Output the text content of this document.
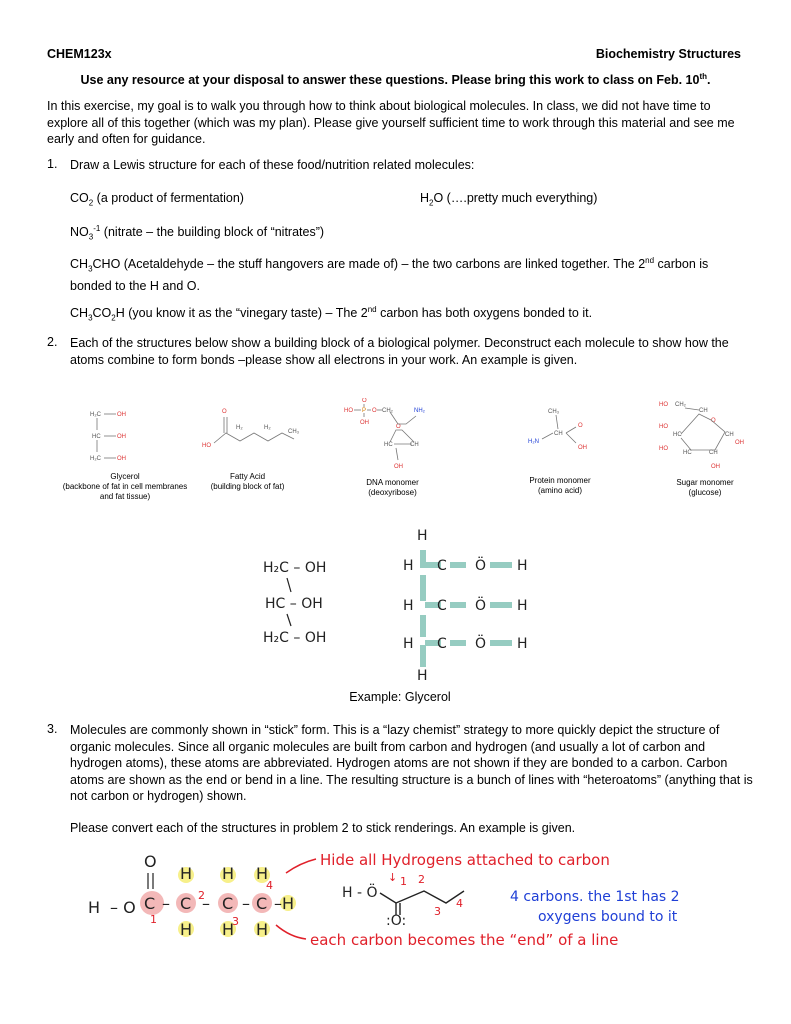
CHEM123x	Biochemistry Structures
Use any resource at your disposal to answer these questions. Please bring this work to class on Feb. 10th.

In this exercise, my goal is to walk you through how to think about biological molecules. In class, we did not have time to explore all of this together (which was my plan). Please give yourself sufficient time to work through this material and see me early and often for guidance.

1. Draw a Lewis structure for each of these food/nutrition related molecules:

$CO_2$ (a product of fermentation)	$H_2O$ (….pretty much everything)

$NO_3^{-1}$ (nitrate – the building block of “nitrates”)

$CH_3CHO$ (Acetaldehyde – the stuff hangovers are made of) – the two carbons are linked together. The 2nd carbon is bonded to the H and O.

$CH_3CO_2H$ (you know it as the “vinegary taste) – The 2nd carbon has both oxygens bonded to it.

2. Each of the structures below show a building block of a biological polymer. Deconstruct each molecule to show how the atoms combine to form bonds –please show all electrons in your work. An example is given.

H₂C	OH
HC	OH
H₂C	OH
O
HO
H₂	H₂
CH₃
HO P O CH₂
O
OH
NH₂
O
HC	CH
OH
CH₃
H₂N
CH
O
OH
HO CH₂
CH
O
HO
HC	CH
OH
HO
HC	CH
OH
Glycerol
(backbone of fat in cell membranes and fat tissue)
Fatty Acid
(building block of fat)	DNA monomer
(deoxyribose)
Protein monomer
(amino acid)
Sugar monomer
(glucose)
H₂C – OH
HC – OH
H₂C – OH
H
H C Ö H
H C Ö H
H C Ö H
H
Example: Glycerol
3. Molecules are commonly shown in “stick” form. This is a “lazy chemist” strategy to more quickly depict the structure of organic molecules. Since all organic molecules are built from carbon and hydrogen (and usually a lot of carbon and hydrogen atoms), these atoms are abbreviated. Hydrogen atoms are not shown if they are bonded to a carbon. Carbon atoms are shown as the end or bend in a line. The resulting structure is a bunch of lines with “heteroatoms” (anything that is not carbon or hydrogen) shown.

Please convert each of the structures in problem 2 to stick renderings. An example is given.

O
H – O C – C – C – C – H
H
H
H
H
H
H
1
2
3
4	H - Ö
:O:
↓ 1 2
3
4
Hide all Hydrogens attached to carbon
each carbon becomes the “end” of a line
4 carbons. the 1st has 2
oxygens bound to it
